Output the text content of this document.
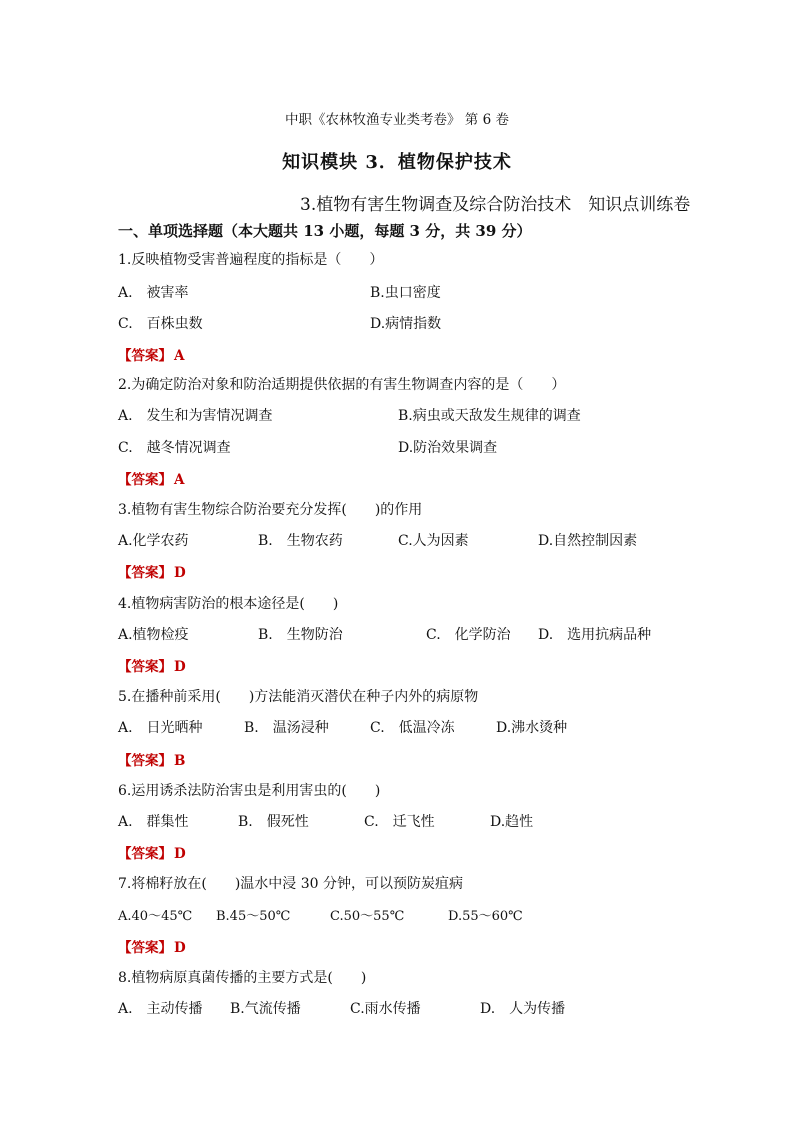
中职《农林牧渔专业类考卷》 第 6 卷
知识模块 3．植物保护技术
3.植物有害生物调查及综合防治技术　知识点训练卷
一、单项选择题（本大题共 13 小题，每题 3 分，共 39 分）
1.反映植物受害普遍程度的指标是（　　）
A.　被害率	B.虫口密度
C.　百株虫数	D.病情指数
【答案】 A
2.为确定防治对象和防治适期提供依据的有害生物调查内容的是（　　）
A.　发生和为害情况调查	B.病虫或天敌发生规律的调查
C.　越冬情况调查	D.防治效果调查
【答案】 A
3.植物有害生物综合防治要充分发挥(　　)的作用
A.化学农药	B.　生物农药	C.人为因素	D.自然控制因素
【答案】 D
4.植物病害防治的根本途径是(　　)
A.植物检疫	B.　生物防治	C.　化学防治 D.　选用抗病品种
【答案】 D
5.在播种前采用(　　)方法能消灭潜伏在种子内外的病原物
A.　日光晒种	B.　温汤浸种	C.　低温冷冻	D.沸水烫种
【答案】 B
6.运用诱杀法防治害虫是利用害虫的(　　)
A.　群集性	B.　假死性	C.　迁飞性	D.趋性
【答案】 D
7.将棉籽放在(　　)温水中浸 30 分钟，可以预防炭疽病
A.40～45℃ B.45～50℃	C.50～55℃	D.55～60℃
【答案】 D
8.植物病原真菌传播的主要方式是(　　)
A.　主动传播 B.气流传播	C.雨水传播	D.　人为传播
